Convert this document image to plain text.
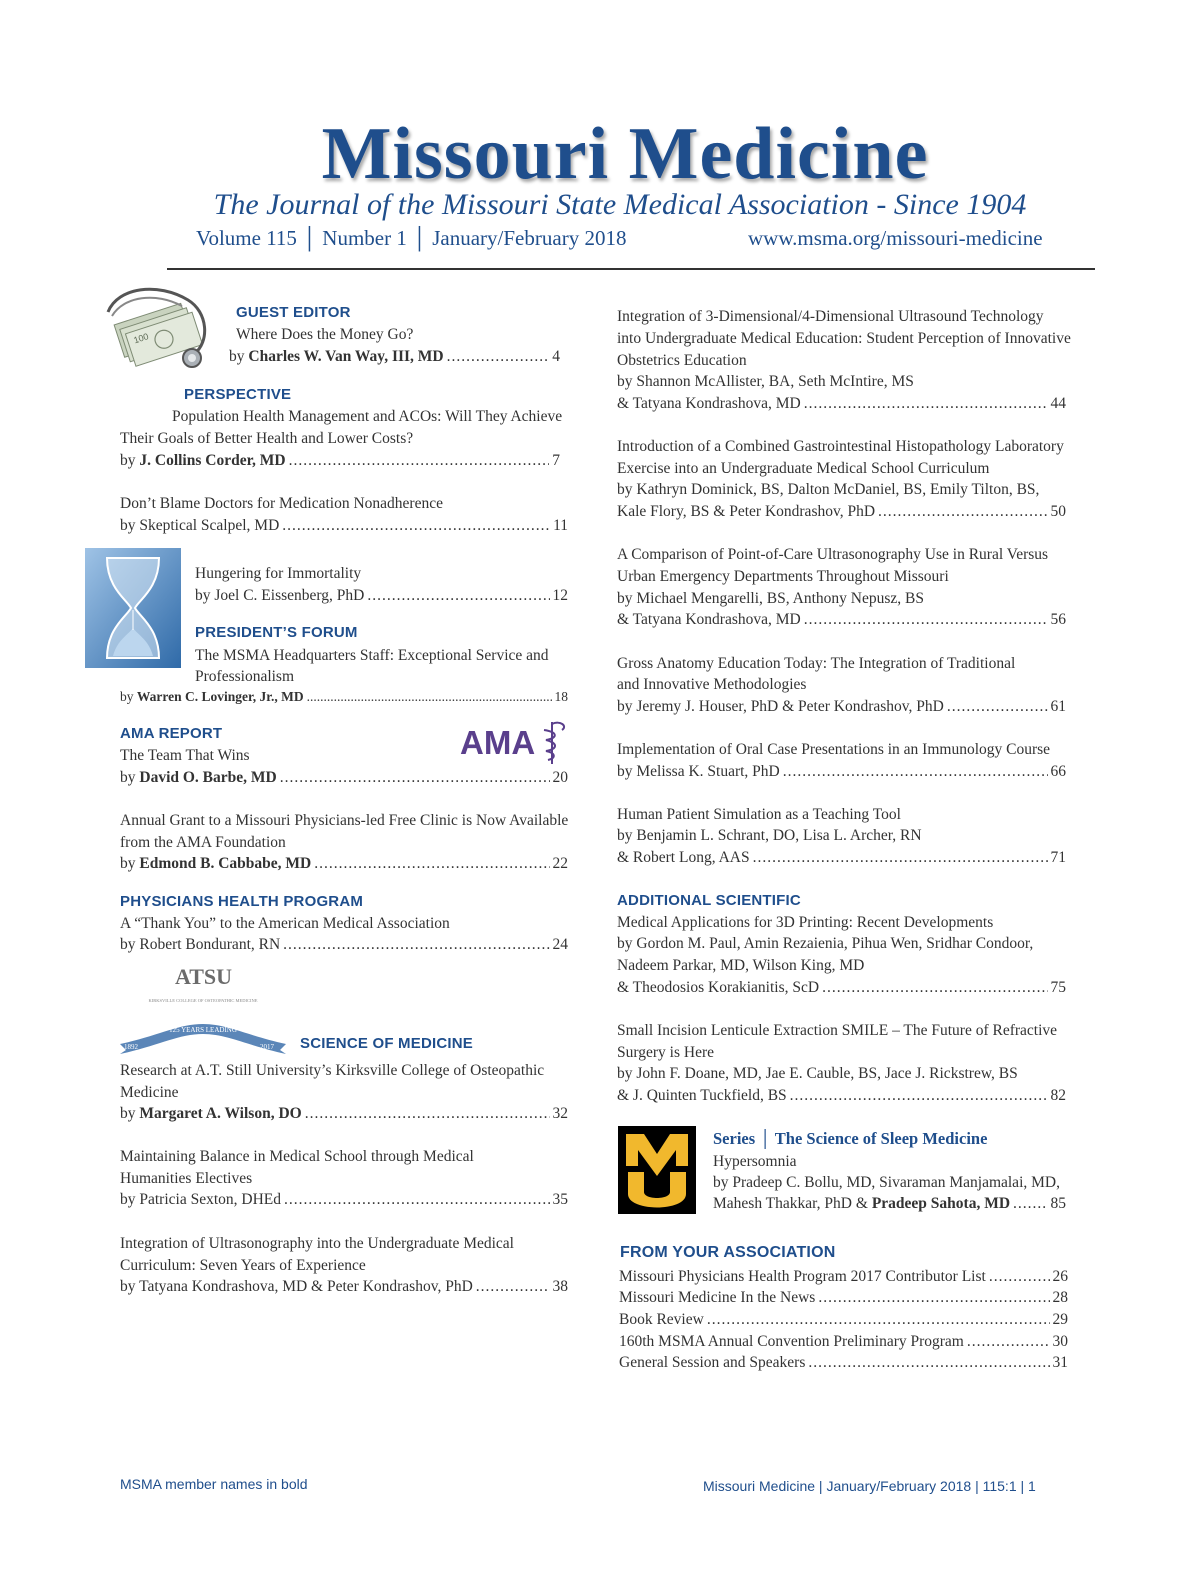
Missouri Medicine
The Journal of the Missouri State Medical Association - Since 1904
Volume 115 │ Number 1 │ January/February 2018	www.msma.org/missouri-medicine
100
GUEST EDITOR
Where Does the Money Go?
by Charles W. Van Way, III, MD .....	4
PERSPECTIVE
Population Health Management and ACOs: Will They Achieve
Their Goals of Better Health and Lower Costs?
by J. Collins Corder, MD .....	7
Don’t Blame Doctors for Medication Nonadherence
by Skeptical Scalpel, MD .....	11
Hungering for Immortality
by Joel C. Eissenberg, PhD .....	12
PRESIDENT’S FORUM
The MSMA Headquarters Staff: Exceptional Service and
Professionalism
by Warren C. Lovinger, Jr., MD .....	18
AMA REPORT	AMA
The Team That Wins
by David O. Barbe, MD .....	20
Annual Grant to a Missouri Physicians-led Free Clinic is Now Available
from the AMA Foundation
by Edmond B. Cabbabe, MD .....	22
PHYSICIANS HEALTH PROGRAM
A “Thank You” to the American Medical Association
by Robert Bondurant, RN .....	24
ATSU
KIRKSVILLE COLLEGE OF OSTEOPATHIC MEDICINE
125 YEARS LEADING
1892	2017 SCIENCE OF MEDICINE
Research at A.T. Still University’s Kirksville College of Osteopathic
Medicine
by Margaret A. Wilson, DO .....	32
Maintaining Balance in Medical School through Medical
Humanities Electives
by Patricia Sexton, DHEd .....	35
Integration of Ultrasonography into the Undergraduate Medical
Curriculum: Seven Years of Experience
by Tatyana Kondrashova, MD & Peter Kondrashov, PhD .....	38
Integration of 3-Dimensional/4-Dimensional Ultrasound Technology
into Undergraduate Medical Education: Student Perception of Innovative
Obstetrics Education
by Shannon McAllister, BA, Seth McIntire, MS
& Tatyana Kondrashova, MD .....	44
Introduction of a Combined Gastrointestinal Histopathology Laboratory
Exercise into an Undergraduate Medical School Curriculum
by Kathryn Dominick, BS, Dalton McDaniel, BS, Emily Tilton, BS,
Kale Flory, BS & Peter Kondrashov, PhD .....	50
A Comparison of Point-of-Care Ultrasonography Use in Rural Versus
Urban Emergency Departments Throughout Missouri
by Michael Mengarelli, BS, Anthony Nepusz, BS
& Tatyana Kondrashova, MD .....	56
Gross Anatomy Education Today: The Integration of Traditional
and Innovative Methodologies
by Jeremy J. Houser, PhD & Peter Kondrashov, PhD .....	61
Implementation of Oral Case Presentations in an Immunology Course
by Melissa K. Stuart, PhD .....	66
Human Patient Simulation as a Teaching Tool
by Benjamin L. Schrant, DO, Lisa L. Archer, RN
& Robert Long, AAS .....	71
ADDITIONAL SCIENTIFIC
Medical Applications for 3D Printing: Recent Developments
by Gordon M. Paul, Amin Rezaienia, Pihua Wen, Sridhar Condoor,
Nadeem Parkar, MD, Wilson King, MD
& Theodosios Korakianitis, ScD .....	75
Small Incision Lenticule Extraction SMILE – The Future of Refractive
Surgery is Here
by John F. Doane, MD, Jae E. Cauble, BS, Jace J. Rickstrew, BS
& J. Quinten Tuckfield, BS .....	82
Series │ The Science of Sleep Medicine
Hypersomnia
by Pradeep C. Bollu, MD, Sivaraman Manjamalai, MD,
Mahesh Thakkar, PhD & Pradeep Sahota, MD .....	85
FROM YOUR ASSOCIATION
Missouri Physicians Health Program 2017 Contributor List .....	26
Missouri Medicine In the News .....	28
Book Review .....	29
160th MSMA Annual Convention Preliminary Program .....	30
General Session and Speakers .....	31
MSMA member names in bold	Missouri Medicine | January/February 2018 | 115:1 | 1
